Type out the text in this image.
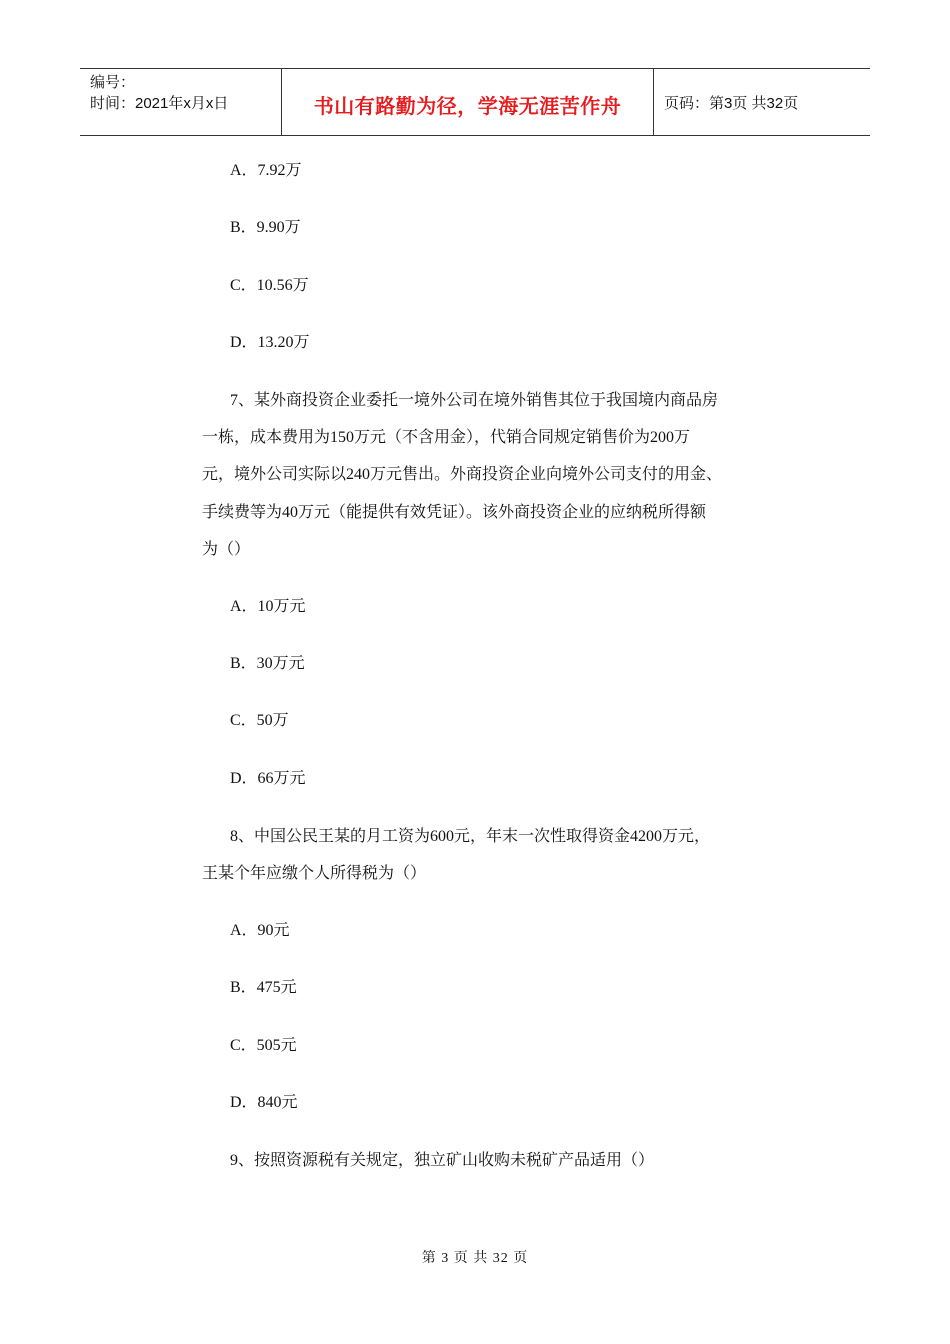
编号：
时间：2021年x月x日	书山有路勤为径，学海无涯苦作舟	页码：第3页 共32页
A．7.92万
B．9.90万
C．10.56万
D．13.20万
7、某外商投资企业委托一境外公司在境外销售其位于我国境内商品房
一栋，成本费用为150万元（不含用金），代销合同规定销售价为200万
元，境外公司实际以240万元售出。外商投资企业向境外公司支付的用金、
手续费等为40万元（能提供有效凭证）。该外商投资企业的应纳税所得额
为（）
A．10万元
B．30万元
C．50万
D．66万元
8、中国公民王某的月工资为600元，年末一次性取得资金4200万元，
王某个年应缴个人所得税为（）
A．90元
B．475元
C．505元
D．840元
9、按照资源税有关规定，独立矿山收购未税矿产品适用（）
第 3 页 共 32 页
